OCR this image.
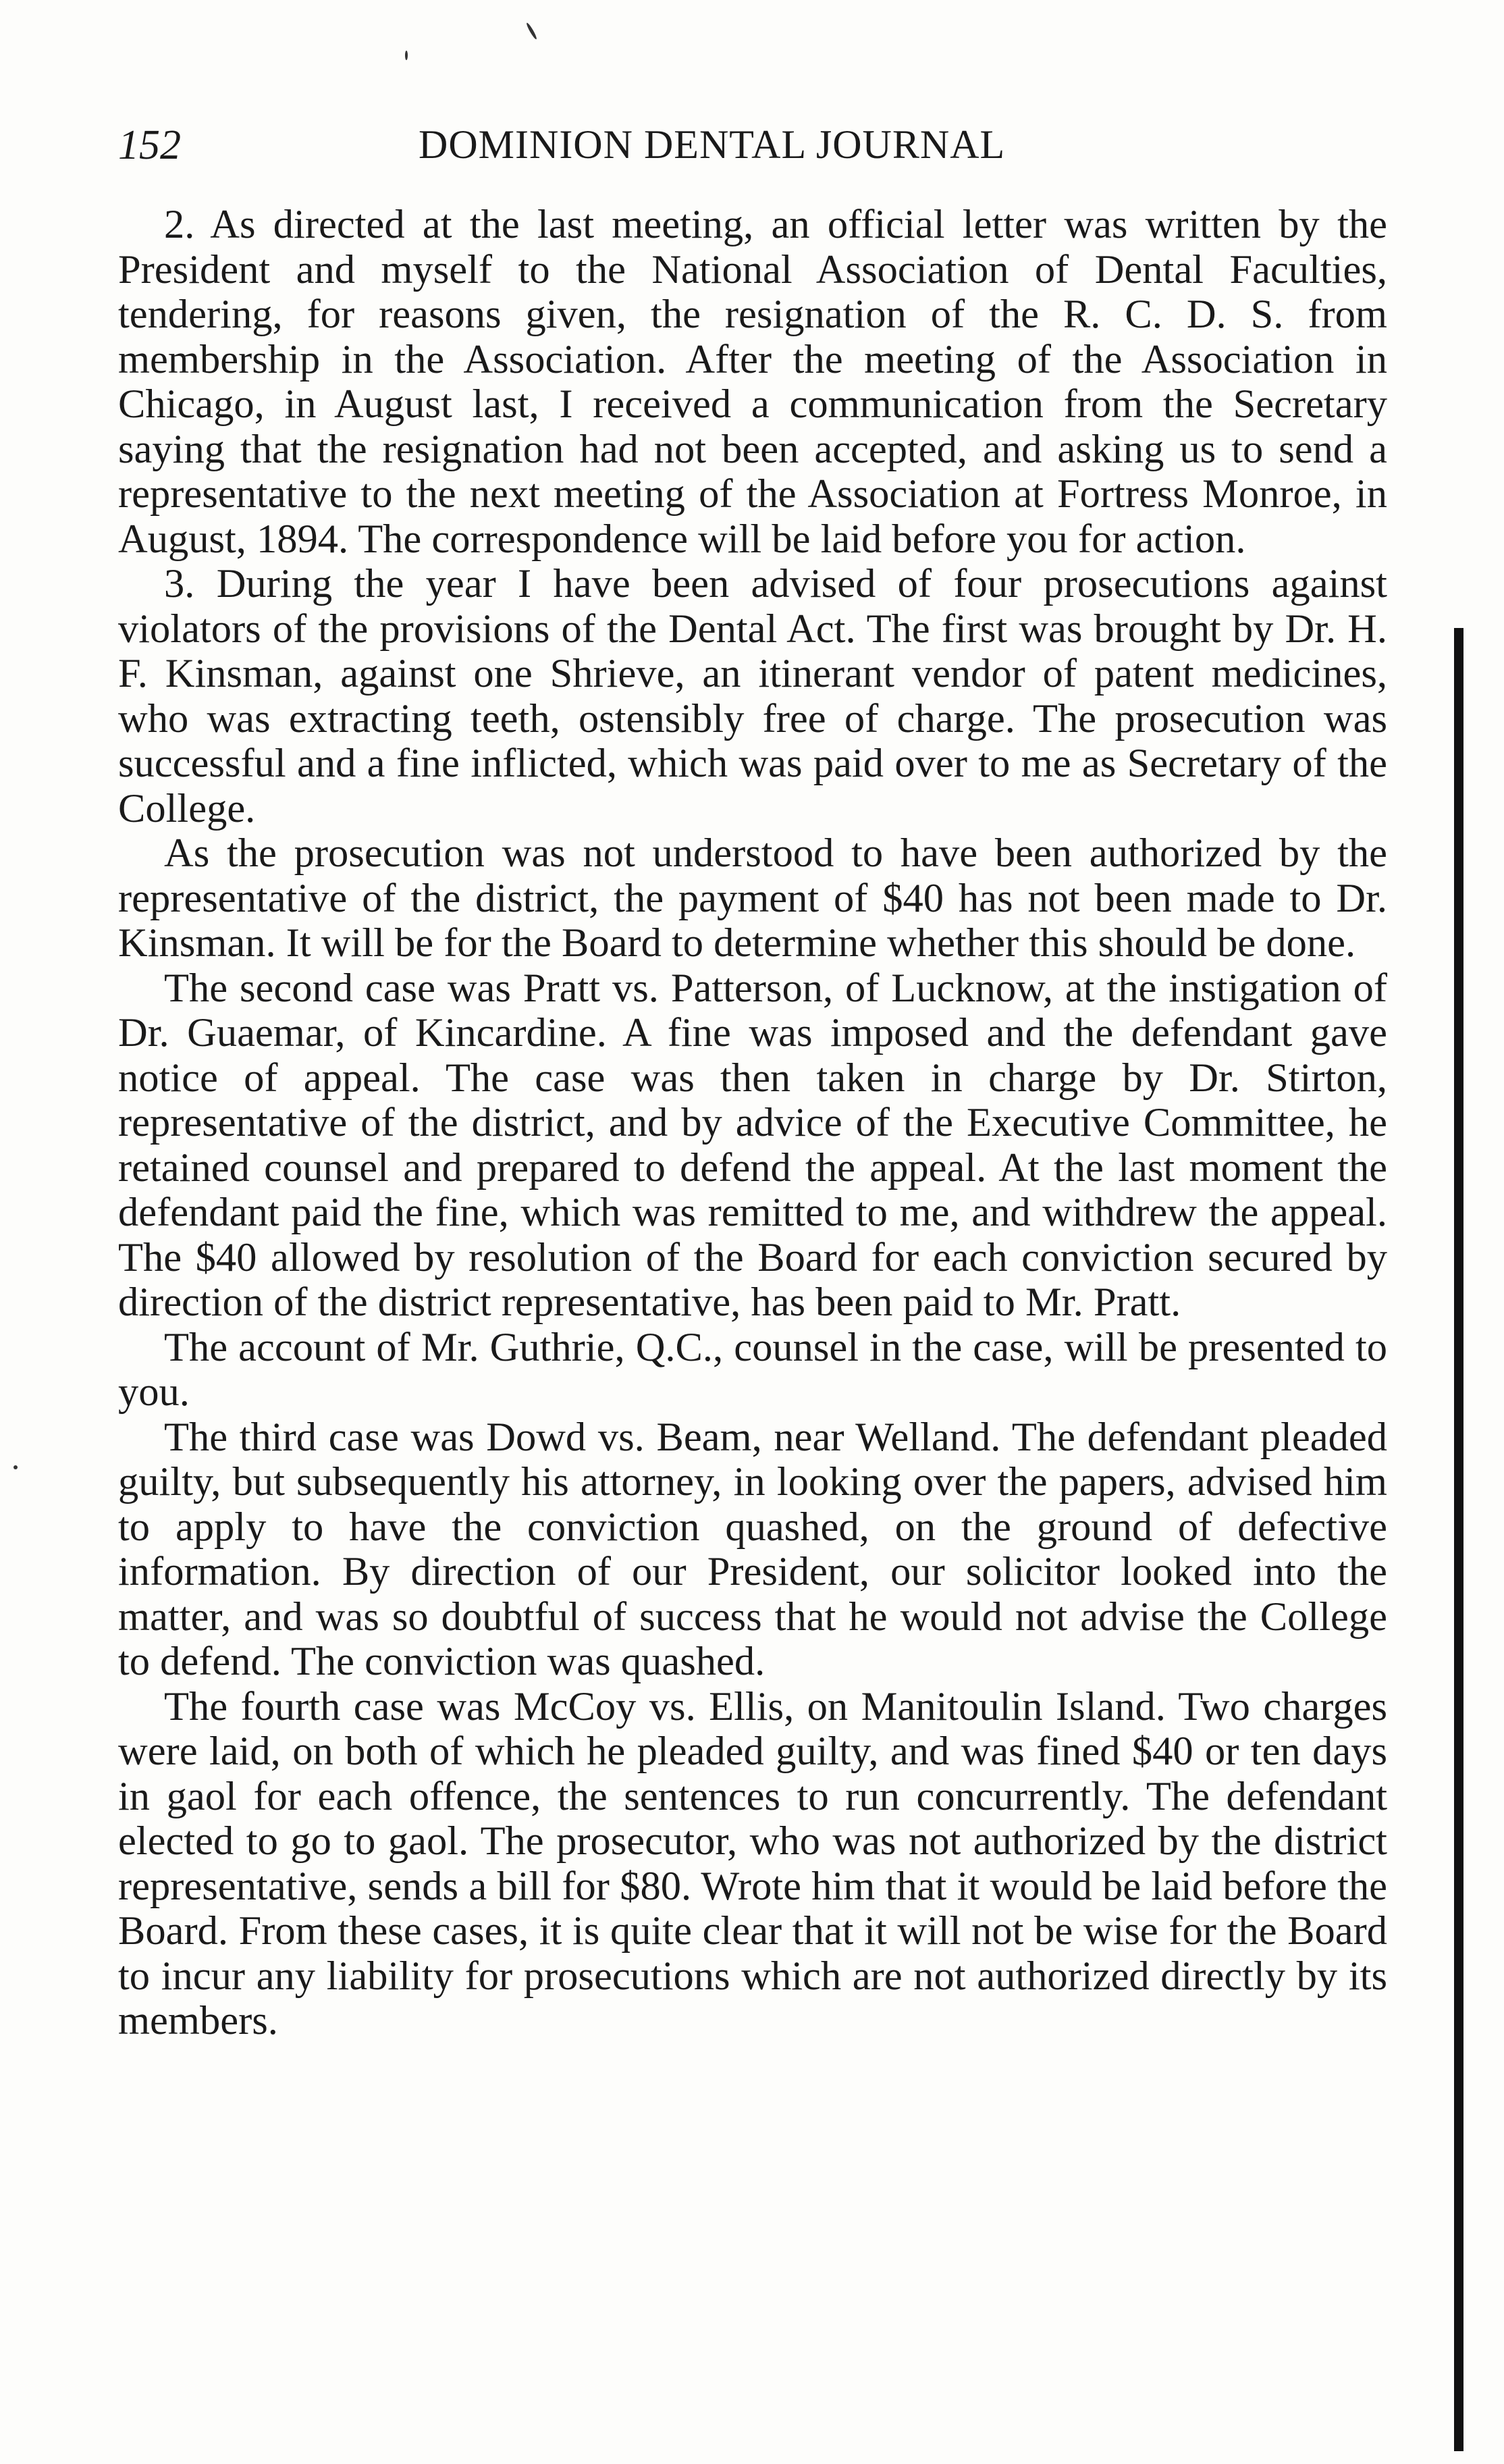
152	DOMINION DENTAL JOURNAL

2. As directed at the last meeting, an official letter was written by the President and myself to the National Association of Dental Faculties, tendering, for reasons given, the resignation of the R. C. D. S. from membership in the Association. After the meeting of the Association in Chicago, in August last, I received a communication from the Secretary saying that the resignation had not been accepted, and asking us to send a representative to the next meeting of the Association at Fortress Monroe, in August, 1894. The correspondence will be laid before you for action.

3. During the year I have been advised of four prosecutions against violators of the provisions of the Dental Act. The first was brought by Dr. H. F. Kinsman, against one Shrieve, an itinerant vendor of patent medicines, who was extracting teeth, ostensibly free of charge. The prosecution was successful and a fine inflicted, which was paid over to me as Secretary of the College.

As the prosecution was not understood to have been authorized by the representative of the district, the payment of $40 has not been made to Dr. Kinsman. It will be for the Board to determine whether this should be done.

The second case was Pratt vs. Patterson, of Lucknow, at the instigation of Dr. Guaemar, of Kincardine. A fine was imposed and the defendant gave notice of appeal. The case was then taken in charge by Dr. Stirton, representative of the district, and by advice of the Executive Committee, he retained counsel and prepared to defend the appeal. At the last moment the defendant paid the fine, which was remitted to me, and withdrew the appeal. The $40 allowed by resolution of the Board for each conviction secured by direction of the district representative, has been paid to Mr. Pratt.

The account of Mr. Guthrie, Q.C., counsel in the case, will be presented to you.

The third case was Dowd vs. Beam, near Welland. The defendant pleaded guilty, but subsequently his attorney, in looking over the papers, advised him to apply to have the conviction quashed, on the ground of defective information. By direction of our President, our solicitor looked into the matter, and was so doubtful of success that he would not advise the College to defend. The conviction was quashed.

The fourth case was McCoy vs. Ellis, on Manitoulin Island. Two charges were laid, on both of which he pleaded guilty, and was fined $40 or ten days in gaol for each offence, the sentences to run concurrently. The defendant elected to go to gaol. The prosecutor, who was not authorized by the district representative, sends a bill for $80. Wrote him that it would be laid before the Board. From these cases, it is quite clear that it will not be wise for the Board to incur any liability for prosecutions which are not authorized directly by its members.
